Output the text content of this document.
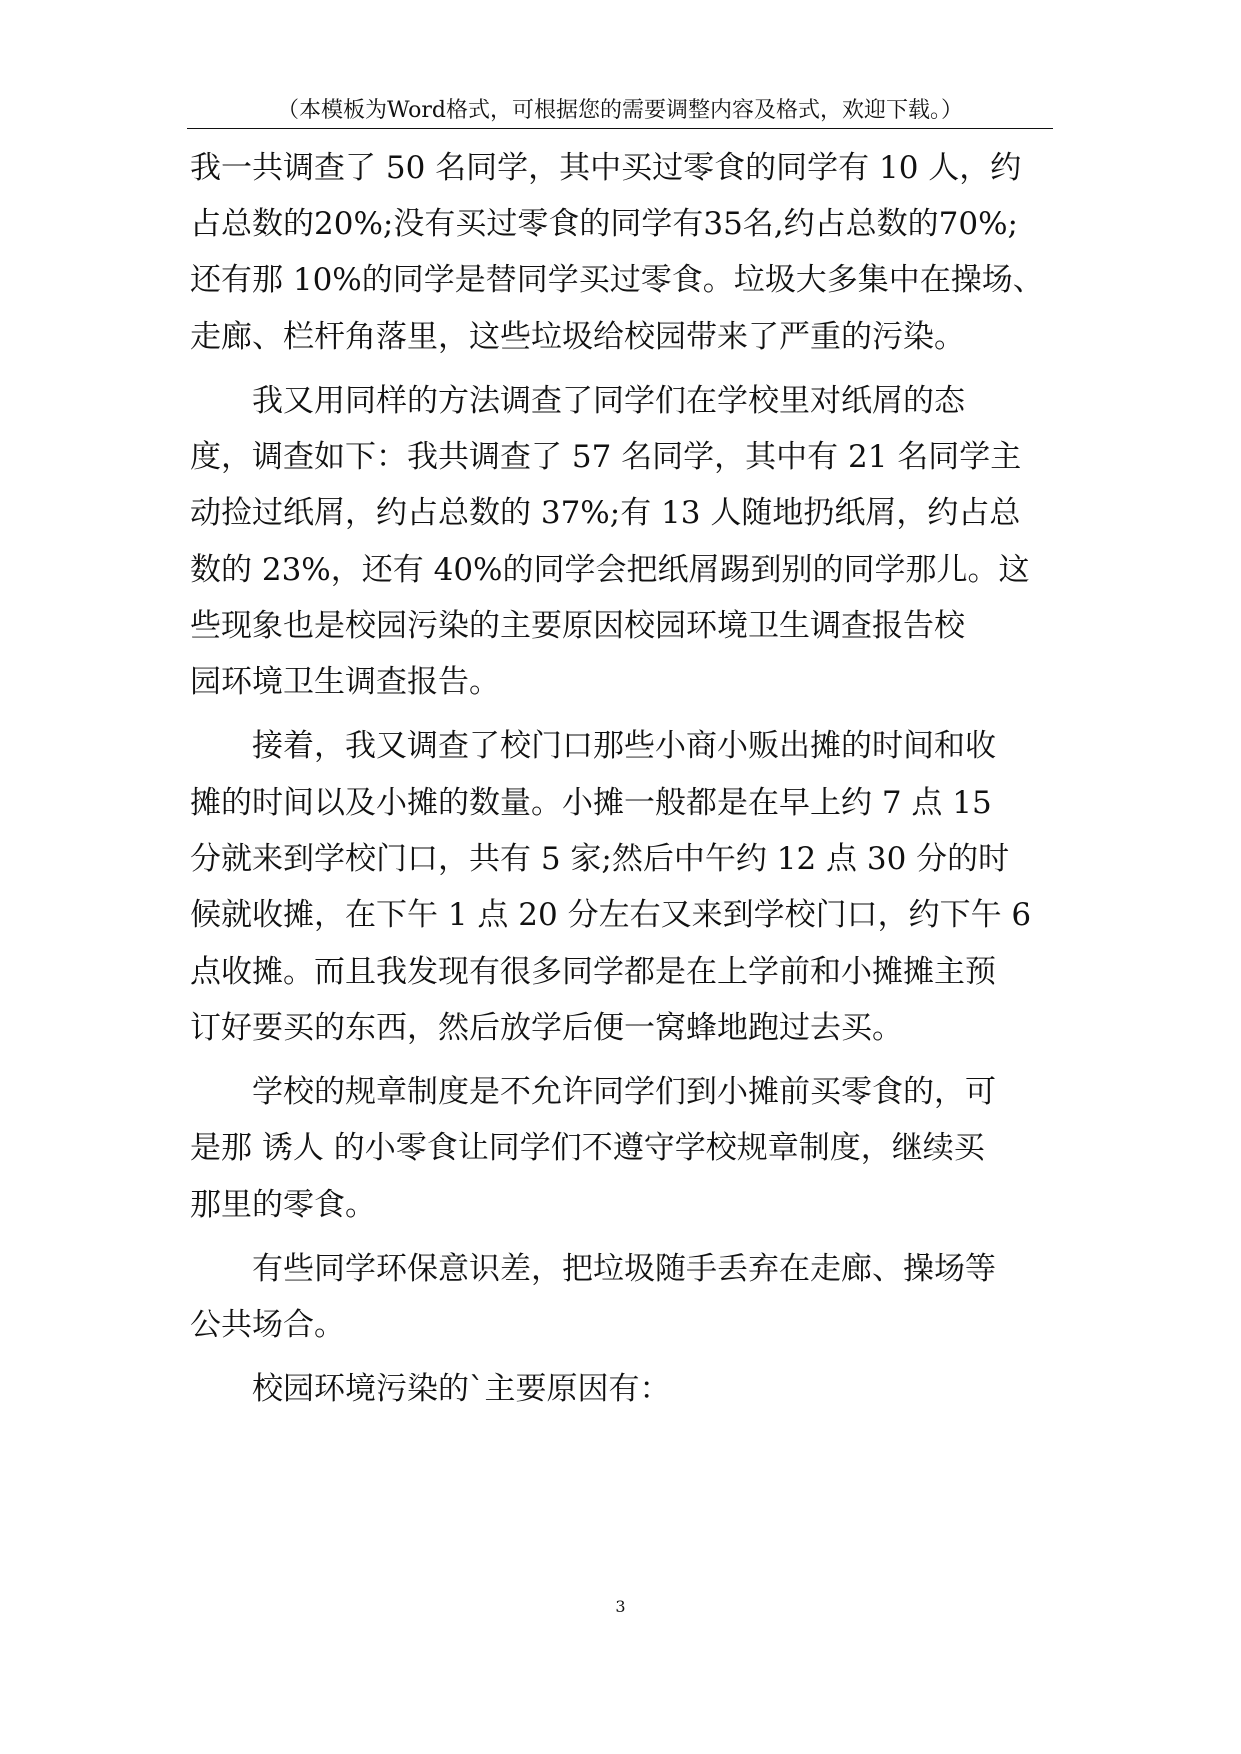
（本模板为Word格式，可根据您的需要调整内容及格式，欢迎下载。）
我一共调查了 50 名同学，其中买过零食的同学有 10 人，约
占总数的20%;没有买过零食的同学有35名,约占总数的70%;
还有那 10%的同学是替同学买过零食。垃圾大多集中在操场、
走廊、栏杆角落里，这些垃圾给校园带来了严重的污染。
我又用同样的方法调查了同学们在学校里对纸屑的态
度，调查如下：我共调查了 57 名同学，其中有 21 名同学主
动捡过纸屑，约占总数的 37%;有 13 人随地扔纸屑，约占总
数的 23%，还有 40%的同学会把纸屑踢到别的同学那儿。这
些现象也是校园污染的主要原因校园环境卫生调查报告校
园环境卫生调查报告。
接着，我又调查了校门口那些小商小贩出摊的时间和收
摊的时间以及小摊的数量。小摊一般都是在早上约 7 点 15
分就来到学校门口，共有 5 家;然后中午约 12 点 30 分的时
候就收摊，在下午 1 点 20 分左右又来到学校门口，约下午 6
点收摊。而且我发现有很多同学都是在上学前和小摊摊主预
订好要买的东西，然后放学后便一窝蜂地跑过去买。
学校的规章制度是不允许同学们到小摊前买零食的，可
是那 诱人 的小零食让同学们不遵守学校规章制度，继续买
那里的零食。
有些同学环保意识差，把垃圾随手丢弃在走廊、操场等
公共场合。
校园环境污染的`主要原因有：
3
